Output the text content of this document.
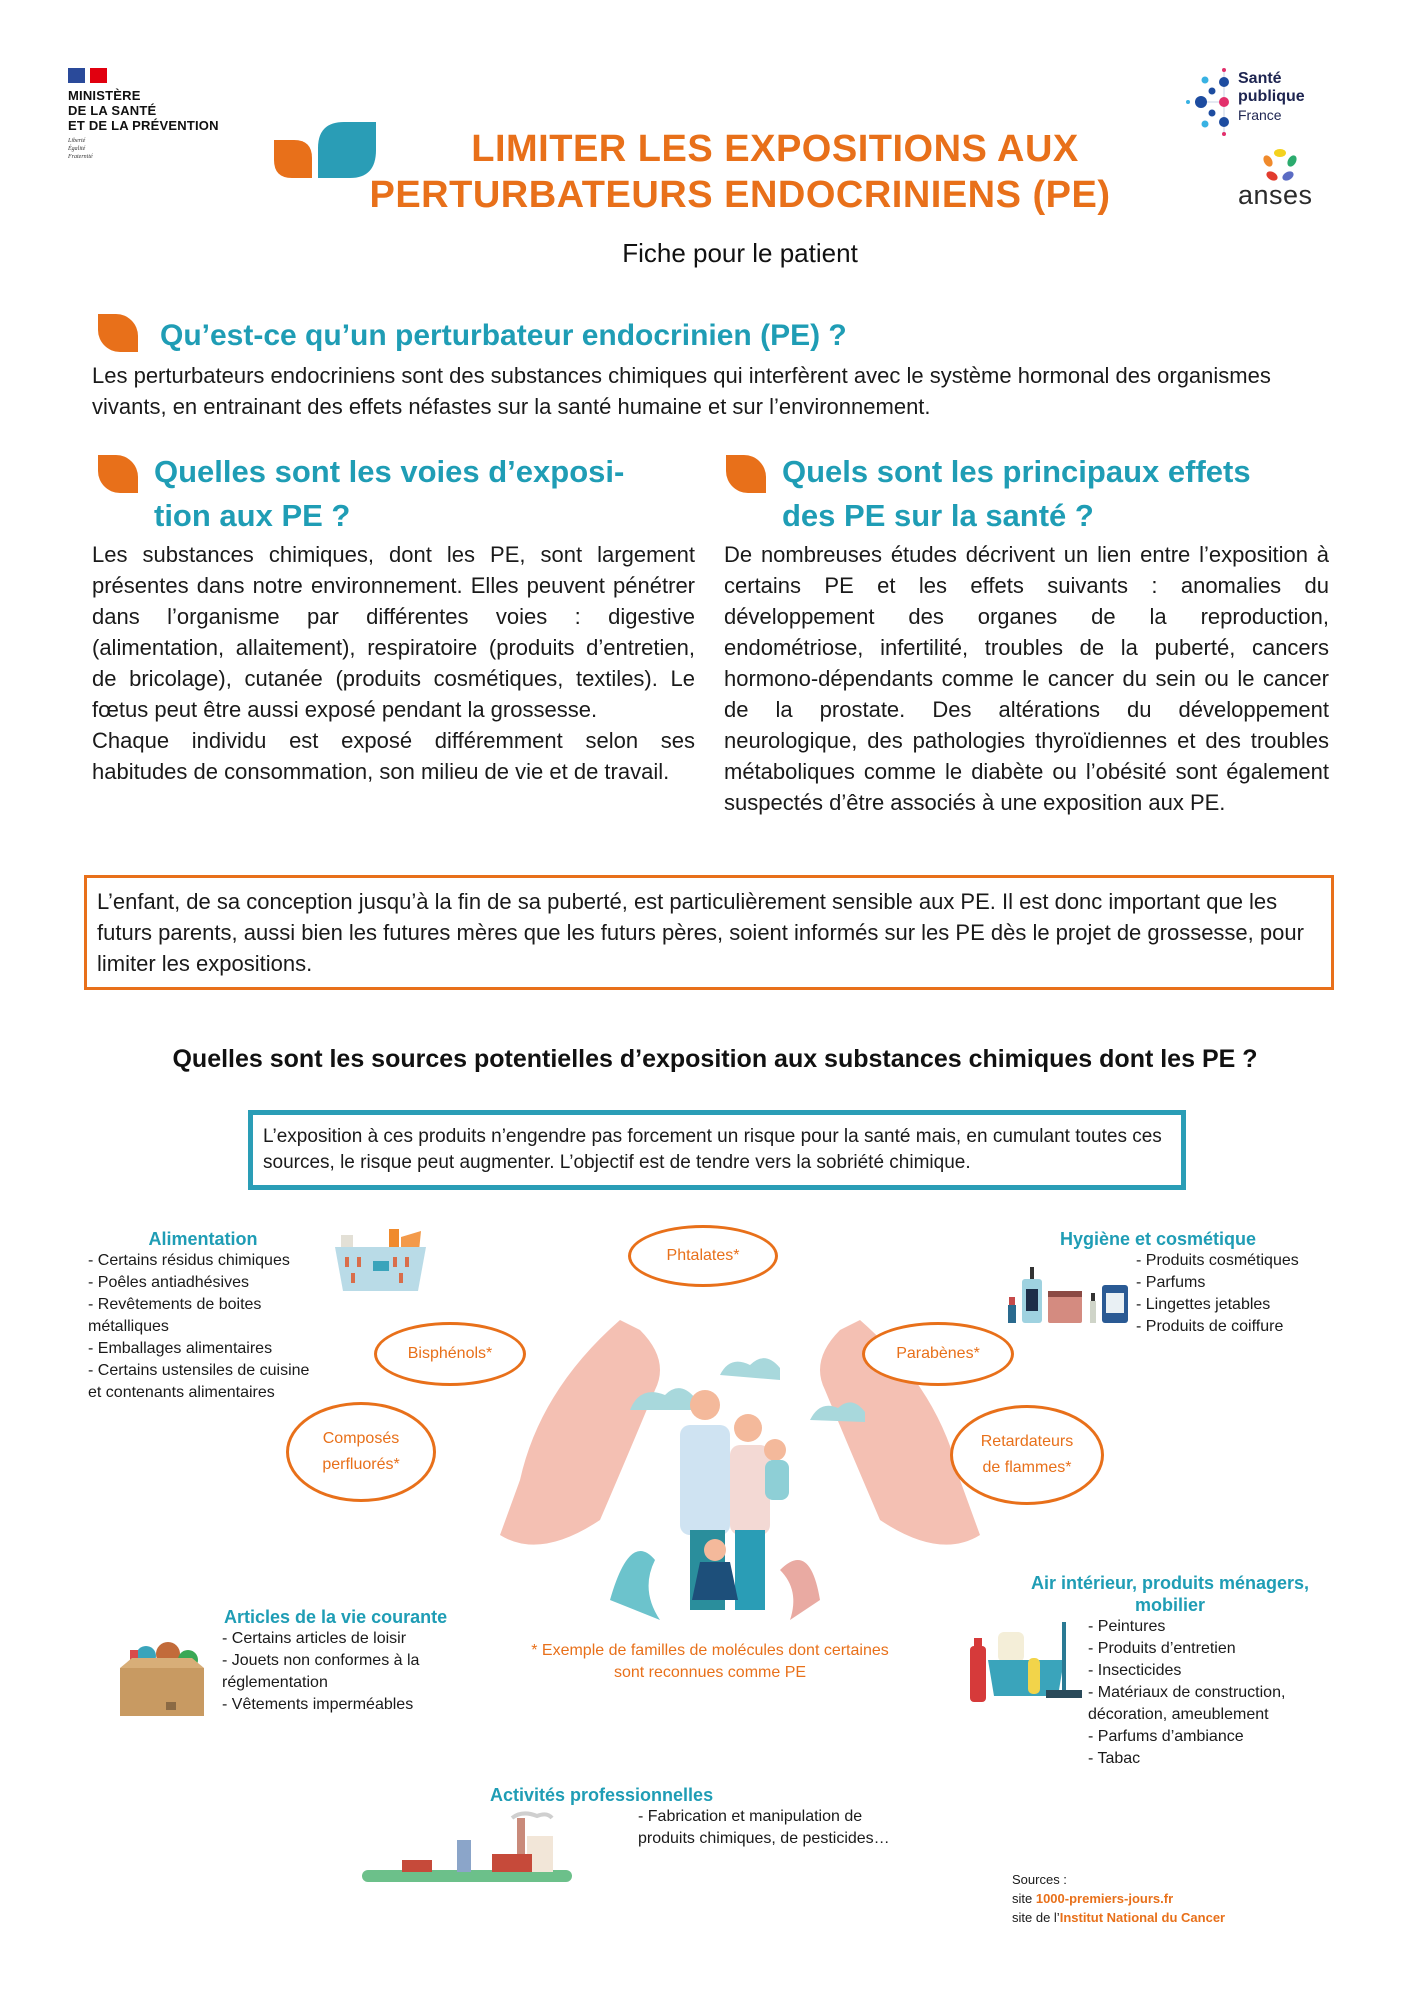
MINISTÈRE
DE LA SANTÉ
ET DE LA PRÉVENTION
Liberté
Égalité
Fraternité
Santé
publique
France
anses
LIMITER LES EXPOSITIONS AUX
PERTURBATEURS ENDOCRINIENS (PE)
Fiche pour le patient
Qu’est-ce qu’un perturbateur endocrinien (PE) ?
Les perturbateurs endocriniens sont des substances chimiques qui interfèrent avec le système hormonal des organismes vivants, en entrainant des effets néfastes sur la santé humaine et sur l’environnement.
Quelles sont les voies d’exposi-
tion aux PE ?
Les substances chimiques, dont les PE, sont largement présentes dans notre environnement. Elles peuvent pénétrer dans l’organisme par différentes voies : digestive (alimentation, allaitement), respiratoire (produits d’entretien, de bricolage), cutanée (produits cosmétiques, textiles). Le fœtus peut être aussi exposé pendant la grossesse.
Chaque individu est exposé différemment selon ses habitudes de consommation, son milieu de vie et de travail.
Quels sont les principaux effets
des PE sur la santé ?
De nombreuses études décrivent un lien entre l’exposition à certains PE et les effets suivants : anomalies du développement des organes de la reproduction, endométriose, infertilité, troubles de la puberté, cancers hormono-dépendants comme le cancer du sein ou le cancer de la prostate. Des altérations du développement neurologique, des pathologies thyroïdiennes et des troubles métaboliques comme le diabète ou l’obésité sont également suspectés d’être associés à une exposition aux PE.
L’enfant, de sa conception jusqu’à la fin de sa puberté, est particulièrement sensible aux PE. Il est donc important que les futurs parents, aussi bien les futures mères que les futurs pères, soient informés sur les PE dès le projet de grossesse, pour limiter les expositions.
Quelles sont les sources potentielles d’exposition aux substances chimiques dont les PE ?
L’exposition à ces produits n’engendre pas forcement un risque pour la santé mais, en cumulant toutes ces sources, le risque peut augmenter. L’objectif est de tendre vers la sobriété chimique.
Phtalates*
Bisphénols*	Parabènes*
Composés
perfluorés*
Retardateurs
de flammes*
Alimentation
- Certains résidus chimiques
- Poêles antiadhésives
- Revêtements de boites métalliques
- Emballages alimentaires
- Certains ustensiles de cuisine et contenants alimentaires
Hygiène et cosmétique
- Produits cosmétiques
- Parfums
- Lingettes jetables
- Produits de coiffure
Articles de la vie courante
- Certains articles de loisir
- Jouets non conformes à la réglementation
- Vêtements imperméables
* Exemple de familles de molécules dont certaines
sont reconnues comme PE
Air intérieur, produits ménagers,
mobilier
- Peintures
- Produits d’entretien
- Insecticides
- Matériaux de construction, décoration, ameublement
- Parfums d’ambiance
- Tabac
Activités professionnelles
- Fabrication et manipulation de produits chimiques, de pesticides…
Sources :
site 1000-premiers-jours.fr
site de l’Institut National du Cancer
